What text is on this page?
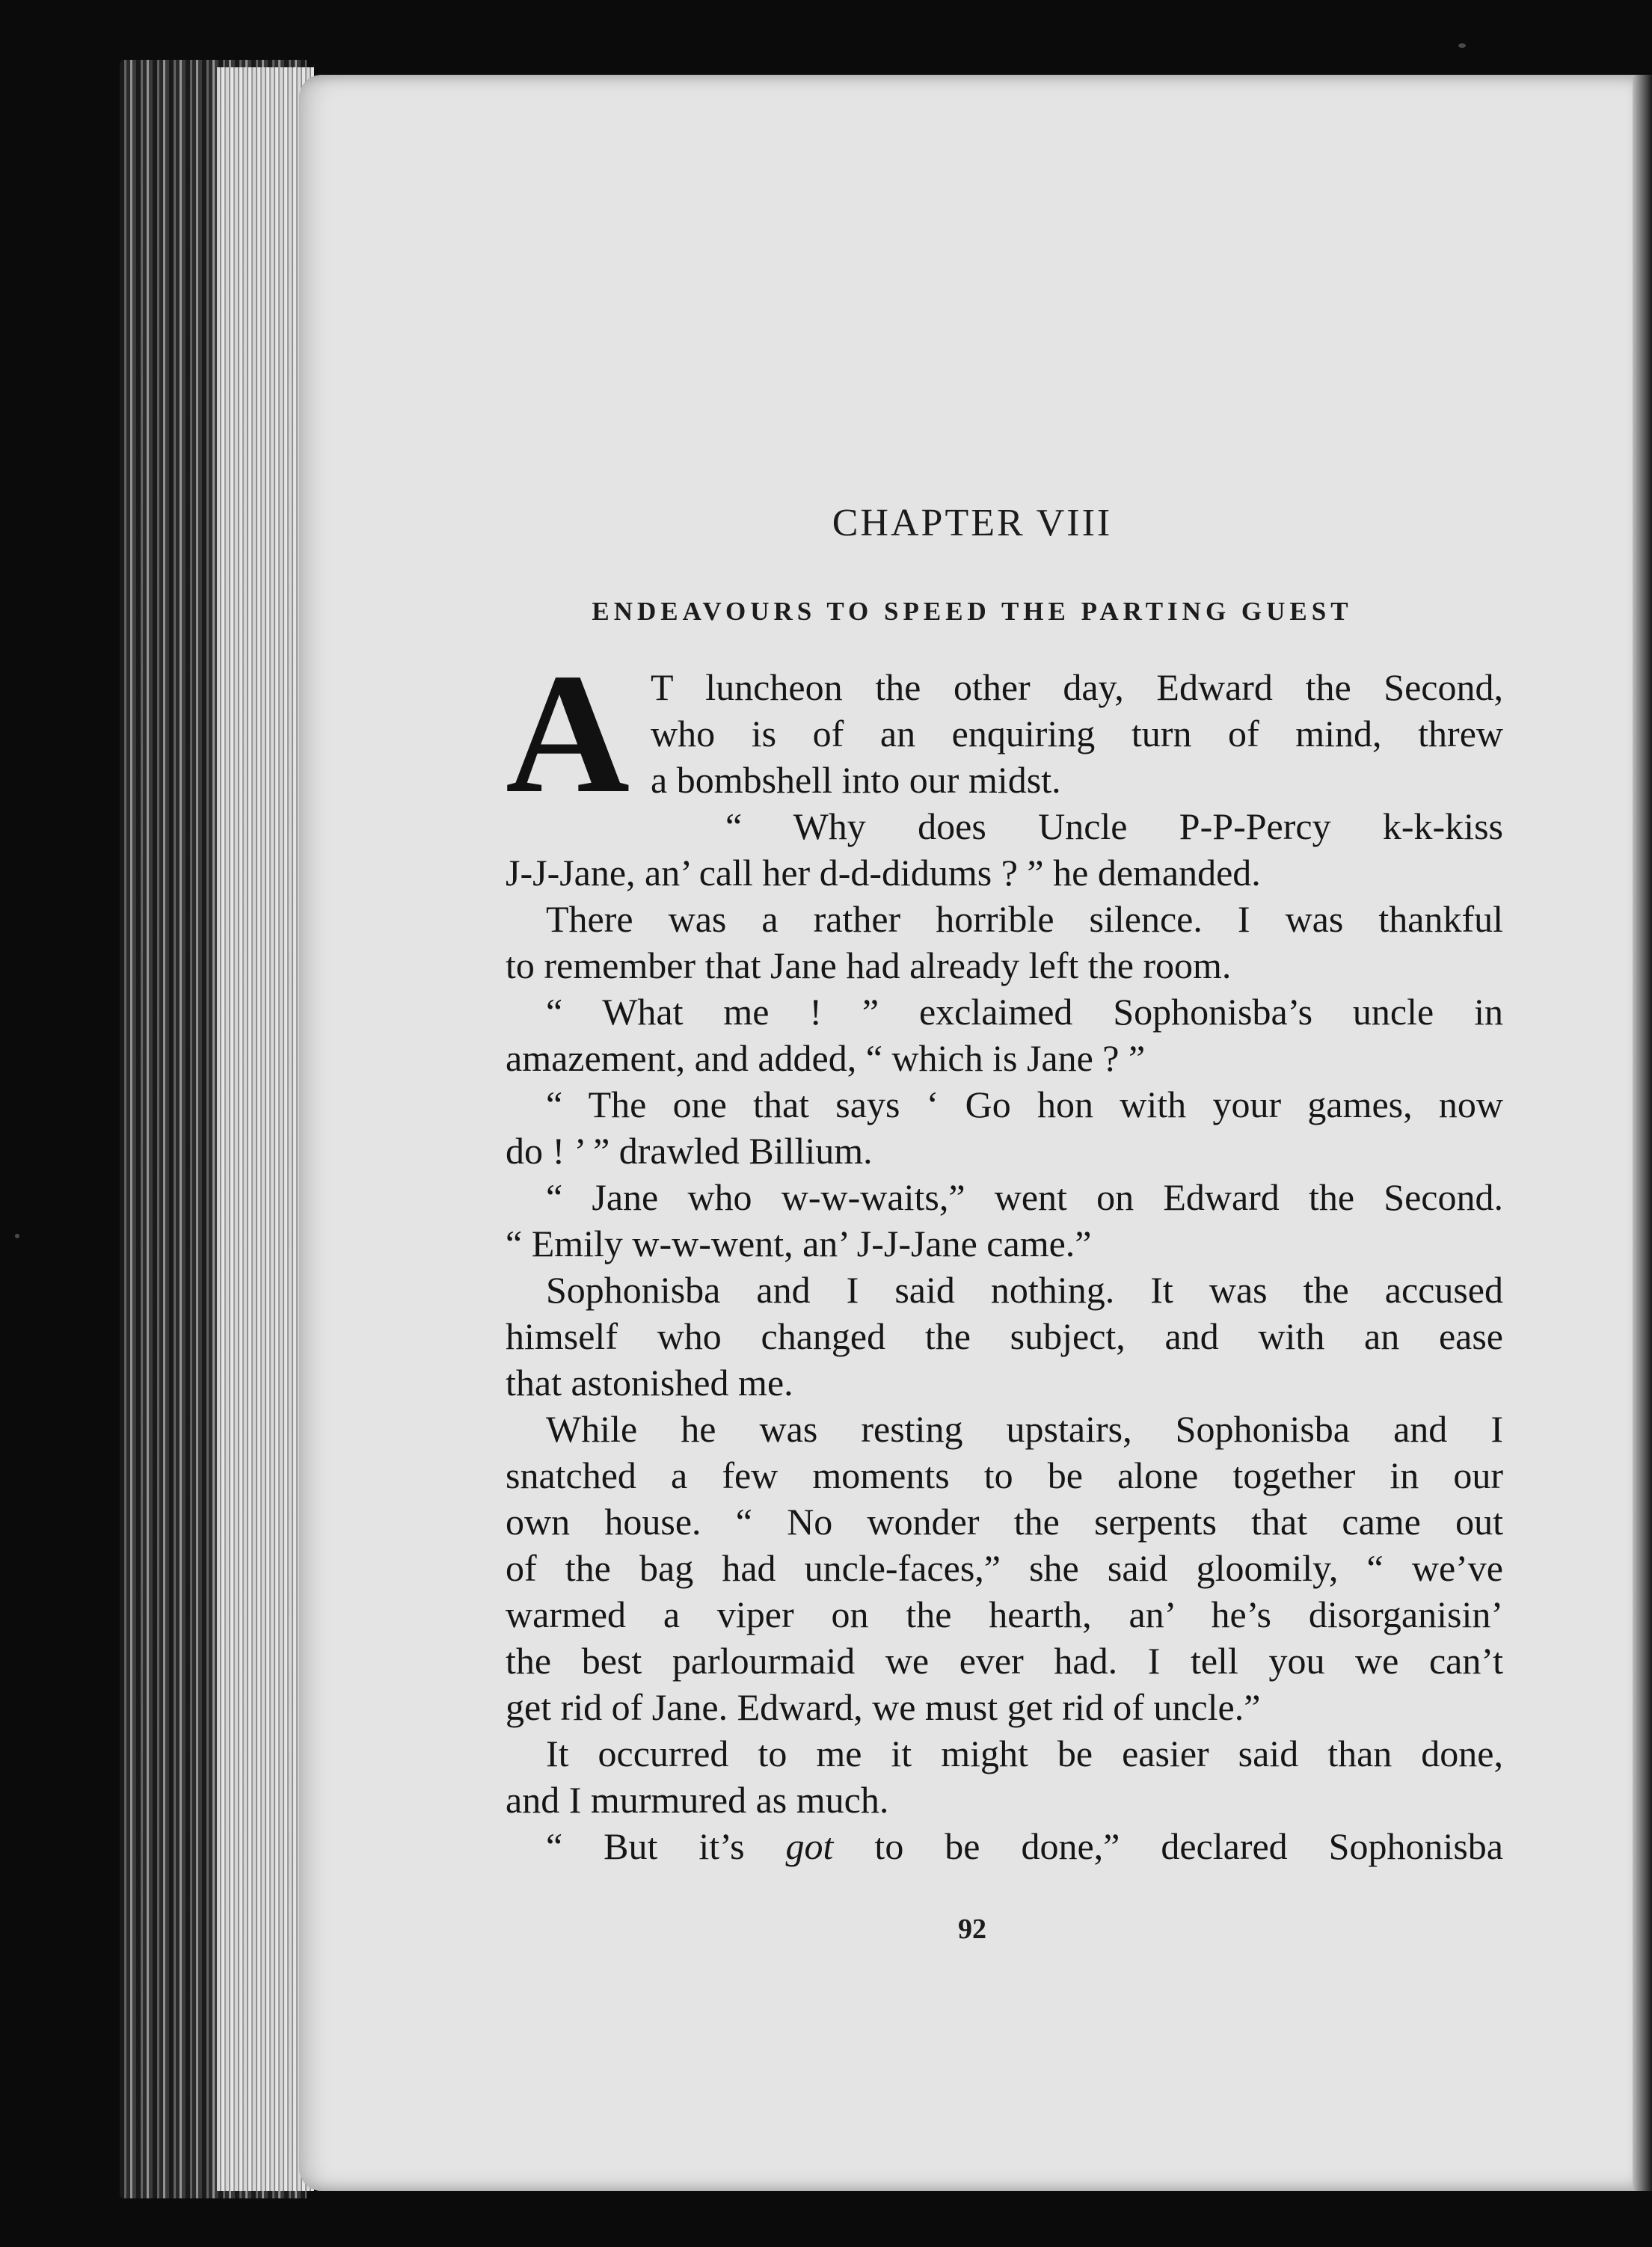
CHAPTER VIII
ENDEAVOURS TO SPEED THE PARTING GUEST
A T luncheon the other day, Edward the Second,
who is of an enquiring turn of mind, threw
a bombshell into our midst.
“ Why does Uncle P-P-Percy k-k-kiss
J-J-Jane, an’ call her d-d-didums ? ” he demanded.
There was a rather horrible silence. I was thankful
to remember that Jane had already left the room.
“ What me ! ” exclaimed Sophonisba’s uncle in
amazement, and added, “ which is Jane ? ”
“ The one that says ‘ Go hon with your games, now
do ! ’ ” drawled Billium.
“ Jane who w-w-waits,” went on Edward the Second.
“ Emily w-w-went, an’ J-J-Jane came.”
Sophonisba and I said nothing. It was the accused
himself who changed the subject, and with an ease
that astonished me.
While he was resting upstairs, Sophonisba and I
snatched a few moments to be alone together in our
own house. “ No wonder the serpents that came out
of the bag had uncle-faces,” she said gloomily, “ we’ve
warmed a viper on the hearth, an’ he’s disorganisin’
the best parlourmaid we ever had. I tell you we can’t
get rid of Jane. Edward, we must get rid of uncle.”
It occurred to me it might be easier said than done,
and I murmured as much.
“ But it’s got to be done,” declared Sophonisba
92
